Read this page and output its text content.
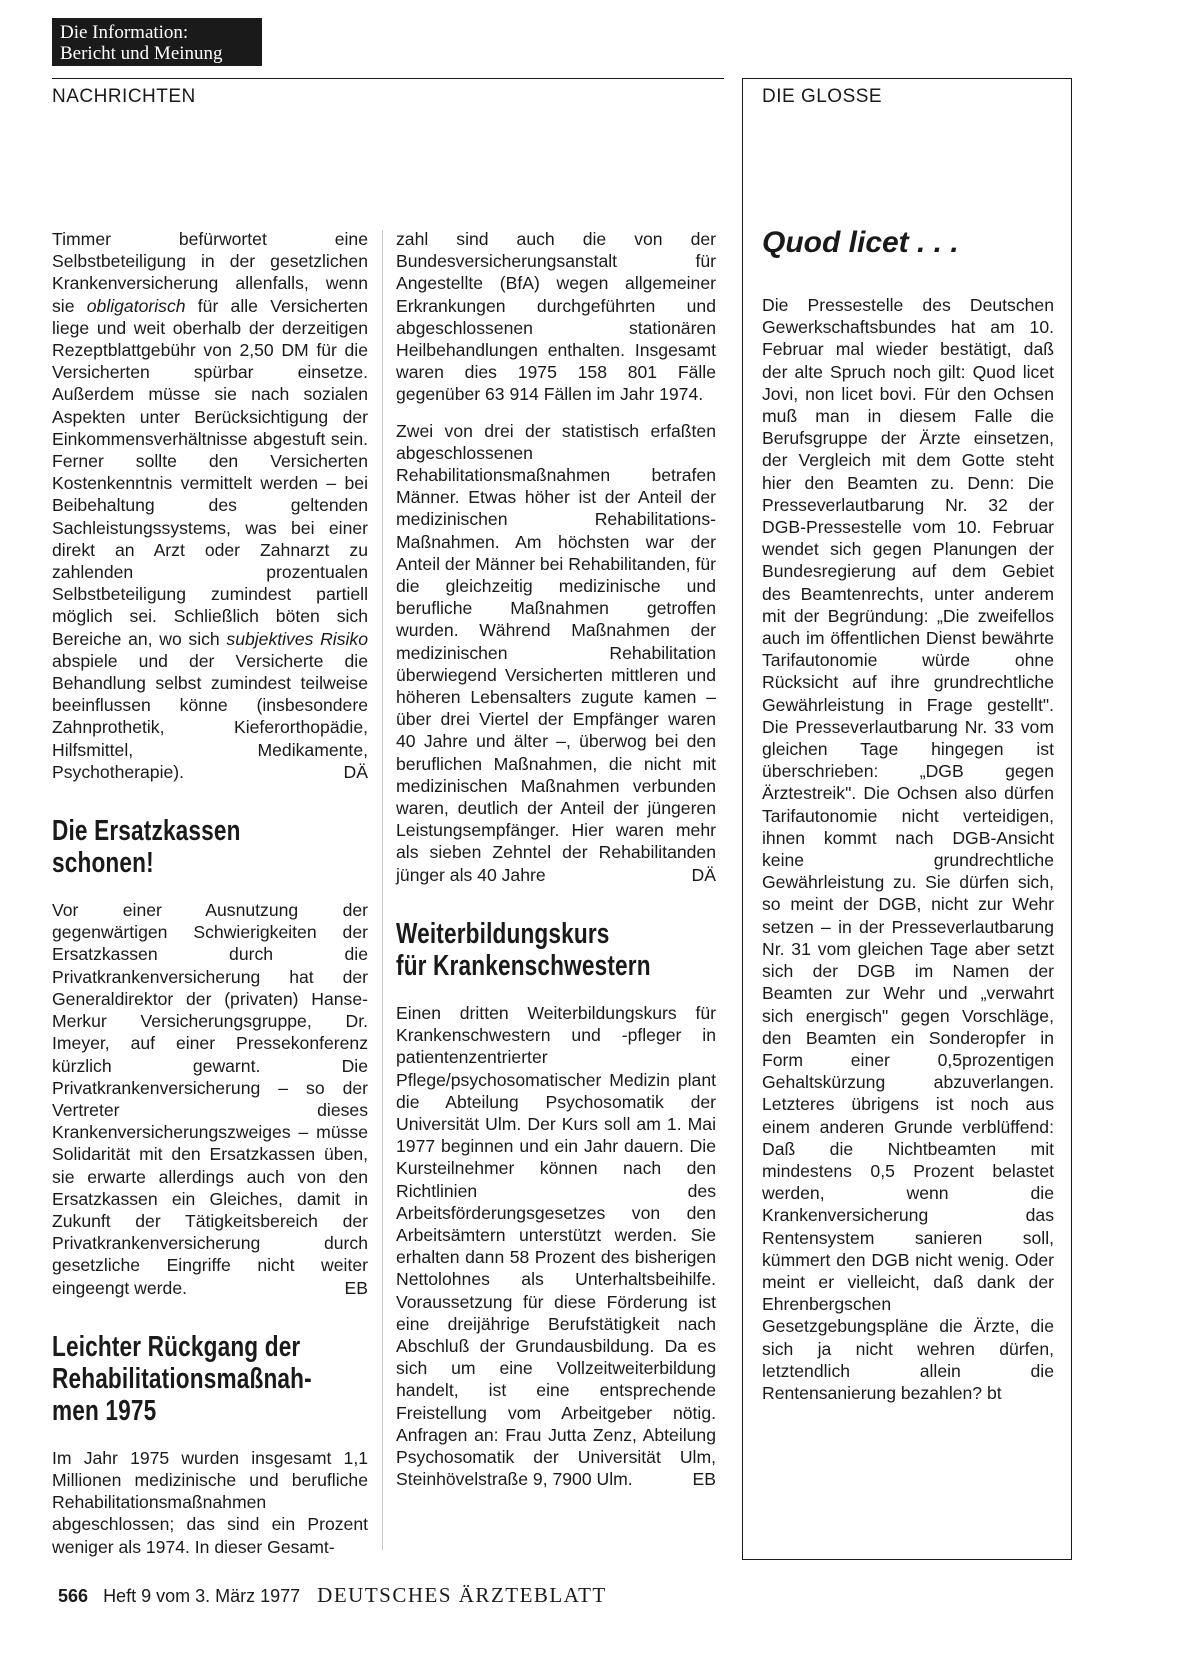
Die Information:
Bericht und Meinung
NACHRICHTEN	DIE GLOSSE

Timmer befürwortet eine Selbstbeteiligung in der gesetzlichen Krankenversicherung allenfalls, wenn sie obligatorisch für alle Versicherten liege und weit oberhalb der derzeitigen Rezeptblattgebühr von 2,50 DM für die Versicherten spürbar einsetze. Außerdem müsse sie nach sozialen Aspekten unter Berücksichtigung der Einkommensverhältnisse abgestuft sein. Ferner sollte den Versicherten Kostenkenntnis vermittelt werden – bei Beibehaltung des geltenden Sachleistungssystems, was bei einer direkt an Arzt oder Zahnarzt zu zahlenden prozentualen Selbstbeteiligung zumindest partiell möglich sei. Schließlich böten sich Bereiche an, wo sich subjektives Risiko abspiele und der Versicherte die Behandlung selbst zumindest teilweise beeinflussen könne (insbesondere Zahnprothetik, Kieferorthopädie, Hilfsmittel, Medikamente, Psychotherapie).	DÄ

Die Ersatzkassen
schonen!

Vor einer Ausnutzung der gegenwärtigen Schwierigkeiten der Ersatzkassen durch die Privatkrankenversicherung hat der Generaldirektor der (privaten) Hanse-Merkur Versicherungsgruppe, Dr. Imeyer, auf einer Pressekonferenz kürzlich gewarnt. Die Privatkrankenversicherung – so der Vertreter dieses Krankenversicherungszweiges – müsse Solidarität mit den Ersatzkassen üben, sie erwarte allerdings auch von den Ersatzkassen ein Gleiches, damit in Zukunft der Tätigkeitsbereich der Privatkrankenversicherung durch gesetzliche Eingriffe nicht weiter eingeengt werde.	EB

Leichter Rückgang der
Rehabilitationsmaßnah-
men 1975

Im Jahr 1975 wurden insgesamt 1,1 Millionen medizinische und berufliche Rehabilitationsmaßnahmen abgeschlossen; das sind ein Prozent weniger als 1974. In dieser Gesamt-

zahl sind auch die von der Bundesversicherungsanstalt für Angestellte (BfA) wegen allgemeiner Erkrankungen durchgeführten und abgeschlossenen stationären Heilbehandlungen enthalten. Insgesamt waren dies 1975 158 801 Fälle gegenüber 63 914 Fällen im Jahr 1974.

Zwei von drei der statistisch erfaßten abgeschlossenen Rehabilitationsmaßnahmen betrafen Männer. Etwas höher ist der Anteil der medizinischen Rehabilitations-Maßnahmen. Am höchsten war der Anteil der Männer bei Rehabilitanden, für die gleichzeitig medizinische und berufliche Maßnahmen getroffen wurden. Während Maßnahmen der medizinischen Rehabilitation überwiegend Versicherten mittleren und höheren Lebensalters zugute kamen – über drei Viertel der Empfänger waren 40 Jahre und älter –, überwog bei den beruflichen Maßnahmen, die nicht mit medizinischen Maßnahmen verbunden waren, deutlich der Anteil der jüngeren Leistungsempfänger. Hier waren mehr als sieben Zehntel der Rehabilitanden jünger als 40 Jahre	DÄ

Weiterbildungskurs
für Krankenschwestern

Einen dritten Weiterbildungskurs für Krankenschwestern und -pfleger in patientenzentrierter Pflege/psychosomatischer Medizin plant die Abteilung Psychosomatik der Universität Ulm. Der Kurs soll am 1. Mai 1977 beginnen und ein Jahr dauern. Die Kursteilnehmer können nach den Richtlinien des Arbeitsförderungsgesetzes von den Arbeitsämtern unterstützt werden. Sie erhalten dann 58 Prozent des bisherigen Nettolohnes als Unterhaltsbeihilfe. Voraussetzung für diese Förderung ist eine dreijährige Berufstätigkeit nach Abschluß der Grundausbildung. Da es sich um eine Vollzeitweiterbildung handelt, ist eine entsprechende Freistellung vom Arbeitgeber nötig. Anfragen an: Frau Jutta Zenz, Abteilung Psychosomatik der Universität Ulm, Steinhövelstraße 9, 7900 Ulm.	EB

Quod licet . . .

Die Pressestelle des Deutschen Gewerkschaftsbundes hat am 10. Februar mal wieder bestätigt, daß der alte Spruch noch gilt: Quod licet Jovi, non licet bovi. Für den Ochsen muß man in diesem Falle die Berufsgruppe der Ärzte einsetzen, der Vergleich mit dem Gotte steht hier den Beamten zu. Denn: Die Presseverlautbarung Nr. 32 der DGB-Pressestelle vom 10. Februar wendet sich gegen Planungen der Bundesregierung auf dem Gebiet des Beamtenrechts, unter anderem mit der Begründung: „Die zweifellos auch im öffentlichen Dienst bewährte Tarifautonomie würde ohne Rücksicht auf ihre grundrechtliche Gewährleistung in Frage gestellt". Die Presseverlautbarung Nr. 33 vom gleichen Tage hingegen ist überschrieben: „DGB gegen Ärztestreik". Die Ochsen also dürfen Tarifautonomie nicht verteidigen, ihnen kommt nach DGB-Ansicht keine grundrechtliche Gewährleistung zu. Sie dürfen sich, so meint der DGB, nicht zur Wehr setzen – in der Presseverlautbarung Nr. 31 vom gleichen Tage aber setzt sich der DGB im Namen der Beamten zur Wehr und „verwahrt sich energisch" gegen Vorschläge, den Beamten ein Sonderopfer in Form einer 0,5prozentigen Gehaltskürzung abzuverlangen. Letzteres übrigens ist noch aus einem anderen Grunde verblüffend: Daß die Nichtbeamten mit mindestens 0,5 Prozent belastet werden, wenn die Krankenversicherung das Rentensystem sanieren soll, kümmert den DGB nicht wenig. Oder meint er vielleicht, daß dank der Ehrenbergschen Gesetzgebungspläne die Ärzte, die sich ja nicht wehren dürfen, letztendlich allein die Rentensanierung bezahlen? bt

566 Heft 9 vom 3. März 1977 DEUTSCHES ÄRZTEBLATT
